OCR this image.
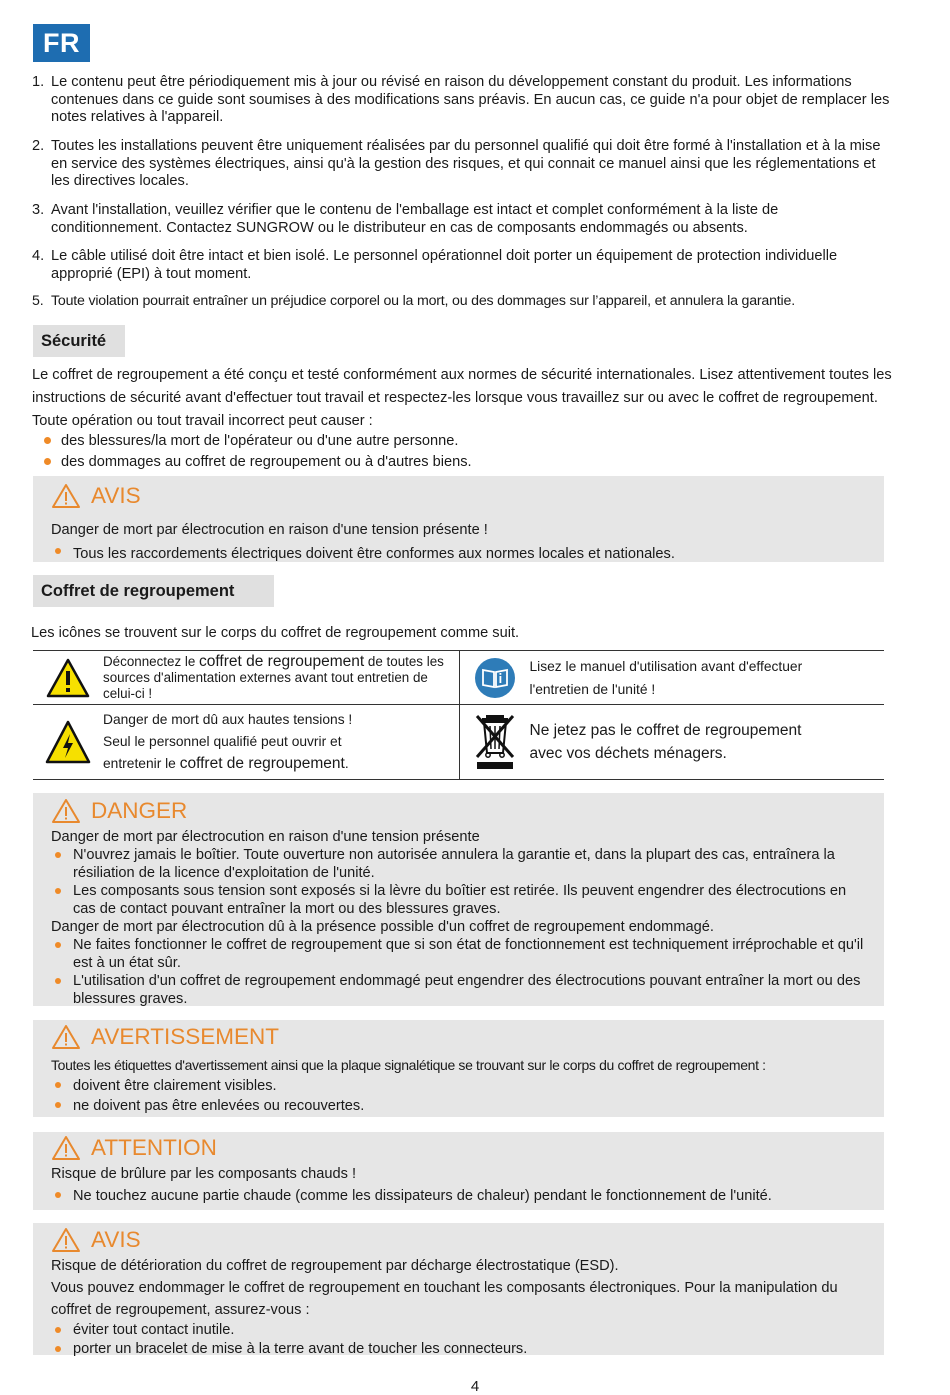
FR
1. Le contenu peut être périodiquement mis à jour ou révisé en raison du développement constant du produit. Les informations contenues dans ce guide sont soumises à des modifications sans préavis. En aucun cas, ce guide n'a pour objet de remplacer les notes relatives à l'appareil.
2. Toutes les installations peuvent être uniquement réalisées par du personnel qualifié qui doit être formé à l'installation et à la mise en service des systèmes électriques, ainsi qu'à la gestion des risques, et qui connait ce manuel ainsi que les réglementations et les directives locales.
3. Avant l'installation, veuillez vérifier que le contenu de l'emballage est intact et complet conformément à la liste de conditionnement. Contactez SUNGROW ou le distributeur en cas de composants endommagés ou absents.
4. Le câble utilisé doit être intact et bien isolé. Le personnel opérationnel doit porter un équipement de protection individuelle approprié (EPI) à tout moment.
5. Toute violation pourrait entraîner un préjudice corporel ou la mort, ou des dommages sur l’appareil, et annulera la garantie.
Sécurité
Le coffret de regroupement a été conçu et testé conformément aux normes de sécurité internationales. Lisez attentivement toutes les instructions de sécurité avant d'effectuer tout travail et respectez-les lorsque vous travaillez sur ou avec le coffret de regroupement. Toute opération ou tout travail incorrect peut causer :
des blessures/la mort de l'opérateur ou d'une autre personne.
des dommages au coffret de regroupement ou à d'autres biens.
AVIS
Danger de mort par électrocution en raison d'une tension présente !
Tous les raccordements électriques doivent être conformes aux normes locales et nationales.
Coffret de regroupement
Les icônes se trouvent sur le corps du coffret de regroupement comme suit.
Déconnectez le coffret de regroupement de toutes les sources d'alimentation externes avant tout entretien de celui-ci !
Lisez le manuel d'utilisation avant d'effectuer
l'entretien de l'unité !
Danger de mort dû aux hautes tensions !
Seul le personnel qualifié peut ouvrir et
entretenir le coffret de regroupement.
Ne jetez pas le coffret de regroupement
avec vos déchets ménagers.
DANGER
Danger de mort par électrocution en raison d'une tension présente
N'ouvrez jamais le boîtier. Toute ouverture non autorisée annulera la garantie et, dans la plupart des cas, entraînera la résiliation de la licence d'exploitation de l'unité.
Les composants sous tension sont exposés si la lèvre du boîtier est retirée. Ils peuvent engendrer des électrocutions en cas de contact pouvant entraîner la mort ou des blessures graves.
Danger de mort par électrocution dû à la présence possible d'un coffret de regroupement endommagé.
Ne faites fonctionner le coffret de regroupement que si son état de fonctionnement est techniquement irréprochable et qu'il est à un état sûr.
L'utilisation d'un coffret de regroupement endommagé peut engendrer des électrocutions pouvant entraîner la mort ou des blessures graves.
AVERTISSEMENT
Toutes les étiquettes d'avertissement ainsi que la plaque signalétique se trouvant sur le corps du coffret de regroupement :
doivent être clairement visibles.
ne doivent pas être enlevées ou recouvertes.
ATTENTION
Risque de brûlure par les composants chauds !
Ne touchez aucune partie chaude (comme les dissipateurs de chaleur) pendant le fonctionnement de l'unité.
AVIS
Risque de détérioration du coffret de regroupement par décharge électrostatique (ESD).
Vous pouvez endommager le coffret de regroupement en touchant les composants électroniques. Pour la manipulation du coffret de regroupement, assurez-vous :
éviter tout contact inutile.
porter un bracelet de mise à la terre avant de toucher les connecteurs.
4
